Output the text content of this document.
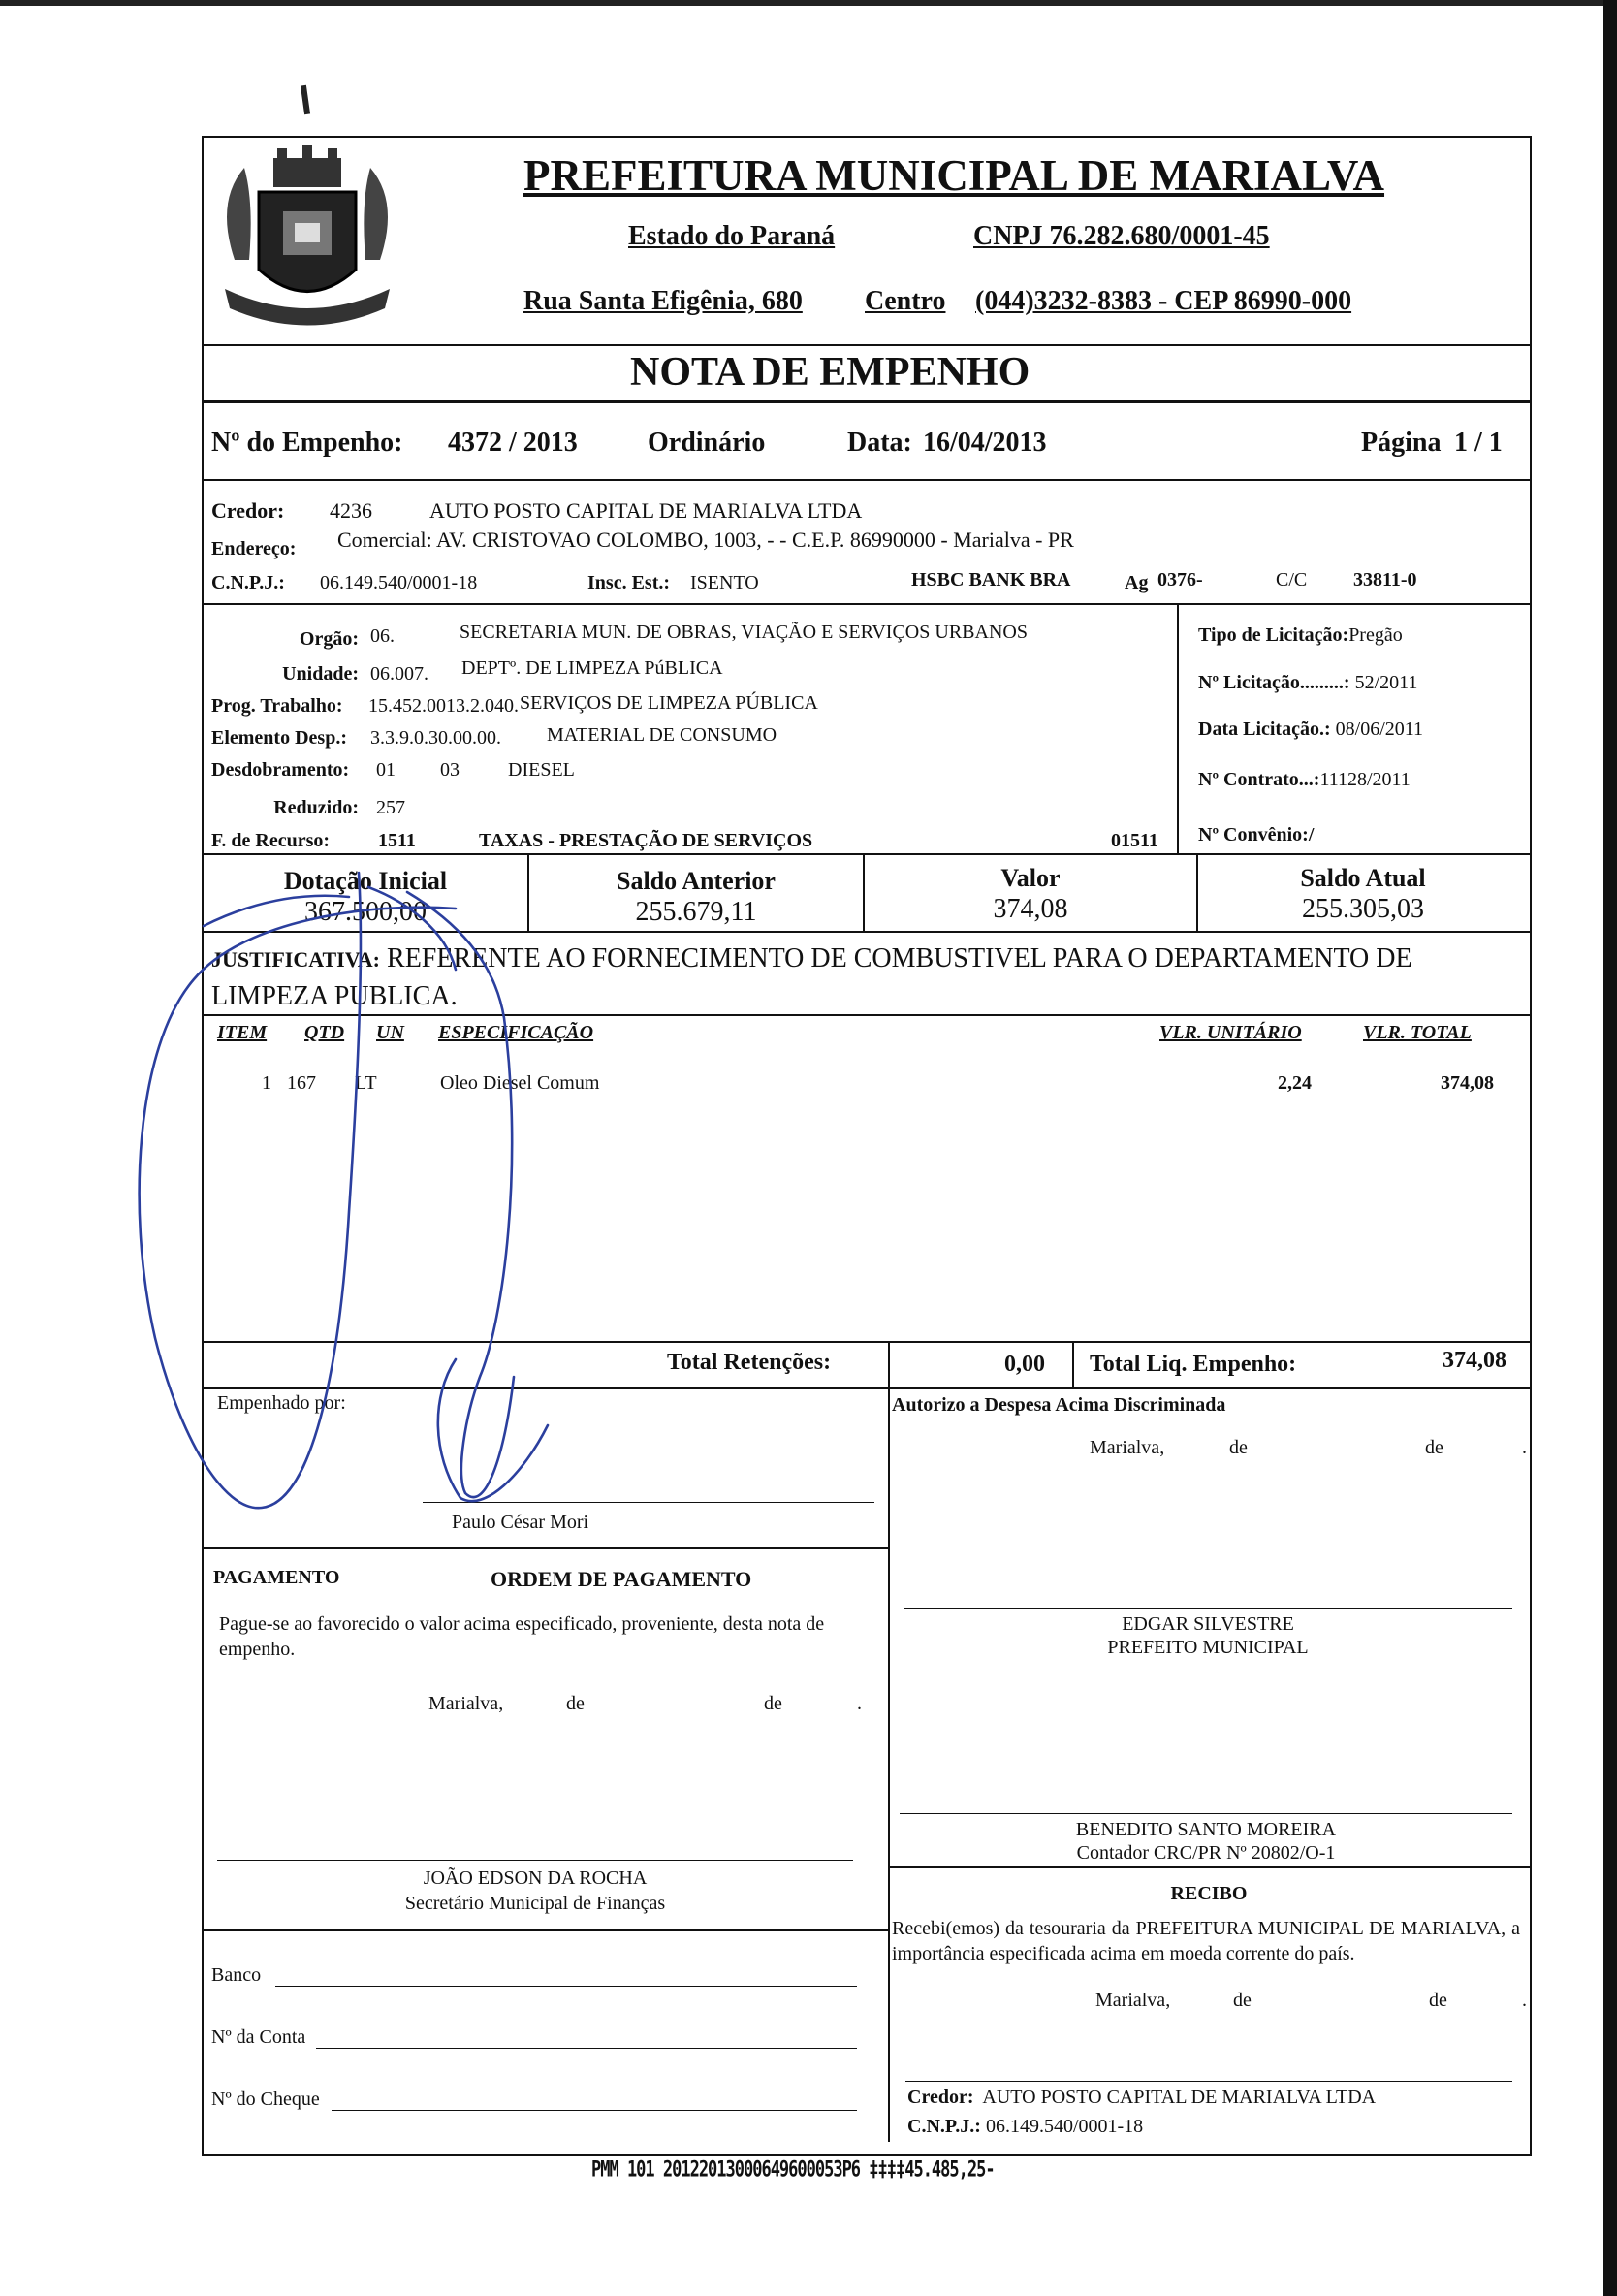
PREFEITURA MUNICIPAL DE MARIALVA
Estado do Paraná	CNPJ 76.282.680/0001-45
Rua Santa Efigênia, 680 Centro (044)3232-8383 - CEP 86990-000
NOTA DE EMPENHO
Nº do Empenho: 4372 / 2013	Ordinário	Data: 16/04/2013	Página 1 / 1
Credor: 4236	AUTO POSTO CAPITAL DE MARIALVA LTDA
Endereço: Comercial: AV. CRISTOVAO COLOMBO, 1003, - - C.E.P. 86990000 - Marialva - PR
C.N.P.J.: 06.149.540/0001-18	Insc. Est.: ISENTO	HSBC BANK BRA	Ag 0376-	C/C 33811-0
Orgão: 06.	SECRETARIA MUN. DE OBRAS, VIAÇÃO E SERVIÇOS URBANOS
Unidade: 06.007. DEPTº. DE LIMPEZA PúBLICA
Prog. Trabalho: 15.452.0013.2.040. SERVIÇOS DE LIMPEZA PÚBLICA
Elemento Desp.: 3.3.9.0.30.00.00. MATERIAL DE CONSUMO
Desdobramento: 01 03	DIESEL
Reduzido: 257
F. de Recurso: 1511	TAXAS - PRESTAÇÃO DE SERVIÇOS	01511
Tipo de Licitação:Pregão
Nº Licitação.........: 52/2011
Data Licitação.: 08/06/2011
Nº Contrato...:11128/2011
Nº Convênio:/
Dotação Inicial
367.500,00
Saldo Anterior
255.679,11
Valor
374,08
Saldo Atual
255.305,03
JUSTIFICATIVA: REFERENTE AO FORNECIMENTO DE COMBUSTIVEL PARA O DEPARTAMENTO DE LIMPEZA PUBLICA.
ITEM QTD UN ESPECIFICAÇÃO	VLR. UNITÁRIO	VLR. TOTAL
1 167 LT	Oleo Diesel Comum	2,24	374,08
Total Retenções:	0,00 Total Liq. Empenho:	374,08
Empenhado por:
Paulo César Mori
Autorizo a Despesa Acima Discriminada
Marialva,	de	de	.
PAGAMENTO	ORDEM DE PAGAMENTO
Pague-se ao favorecido o valor acima especificado, proveniente, desta nota de empenho.
Marialva,	de	de	.
JOÃO EDSON DA ROCHA
Secretário Municipal de Finanças
Banco
Nº da Conta
Nº do Cheque
EDGAR SILVESTRE
PREFEITO MUNICIPAL
BENEDITO SANTO MOREIRA
Contador CRC/PR Nº 20802/O-1
RECIBO
Recebi(emos) da tesouraria da PREFEITURA MUNICIPAL DE MARIALVA, a importância especificada acima em moeda corrente do país.
Marialva,	de	de	.
Credor: AUTO POSTO CAPITAL DE MARIALVA LTDA
C.N.P.J.: 06.149.540/0001-18
PMM 101 20122013000649600053P6 ‡‡‡‡45.485,25-
